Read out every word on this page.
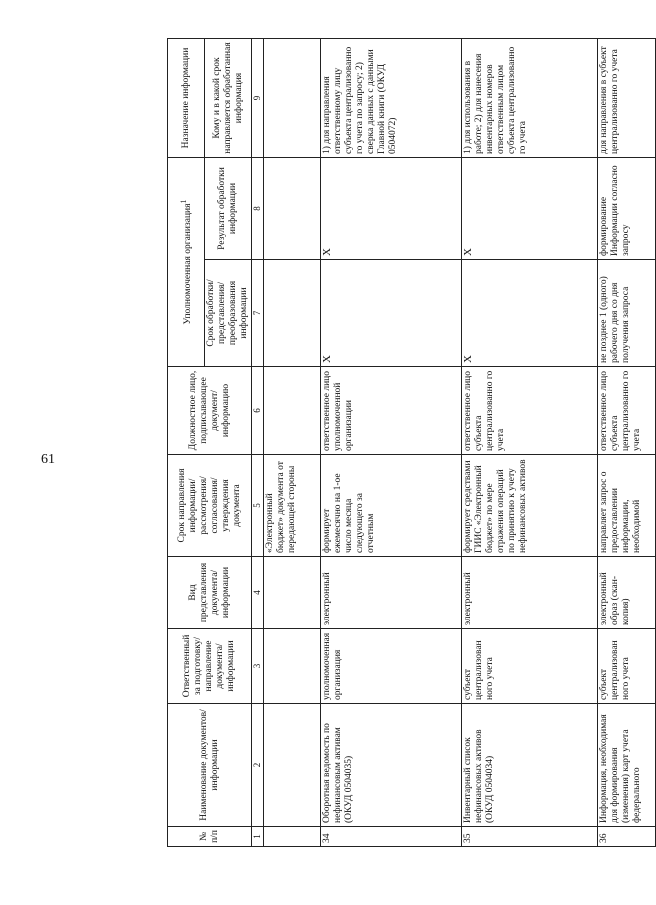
61
№ п/п	Наименование документов/ информации	Ответственный за подготовку/ направление документа/ информации	Вид представления документа/ информации	Срок направления информации/ рассмотрения/ согласования/ утверждения документа	Должностное лицо, подписывающее документ/ информацию	Уполномоченная организация$^1$		Назначение информации
						Срок обработки/ представления/ преобразования информации	Результат обработки информации	Кому и в какой срок направляется обработанная информация
1	2	3	4	5	6	7	8	9
				«Электронный бюджет» документа от передающей стороны				
34	Оборотная ведомость по нефинансовым активам (ОКУД 0504035)	уполномоченная организация	электронный	формирует ежемесячно на 1-ое число месяца следующего за отчетным	ответственное лицо уполномоченной организации	Х	Х	1) для направления ответственному лицу субъекта централизованно го учета по запросу; 2) сверка данных с данными Главной книги (ОКУД 0504072)
35	Инвентарный список нефинансовых активов (ОКУД 0504034)	субъект централизован ного учета	электронный	формирует средствами ГИИС «Электронный бюджет» по мере отражения операций по принятию к учету нефинансовых активов	ответственное лицо субъекта централизованно го учета	Х	Х	1) для использования в работе; 2) для нанесения инвентарных номеров ответственным лицом субъекта централизованно го учета
36	Информация, необходимая для формирования (изменения) карт учета федерального	субъект централизован ного учета	электронный образ (скан-копия)	направляет запрос о предоставлении информации, необходимой	ответственное лицо субъекта централизованно го учета	не позднее 1 (одного) рабочего дня со дня получения запроса	формирование Информации согласно запросу	для направления в субъект централизованно го учета
